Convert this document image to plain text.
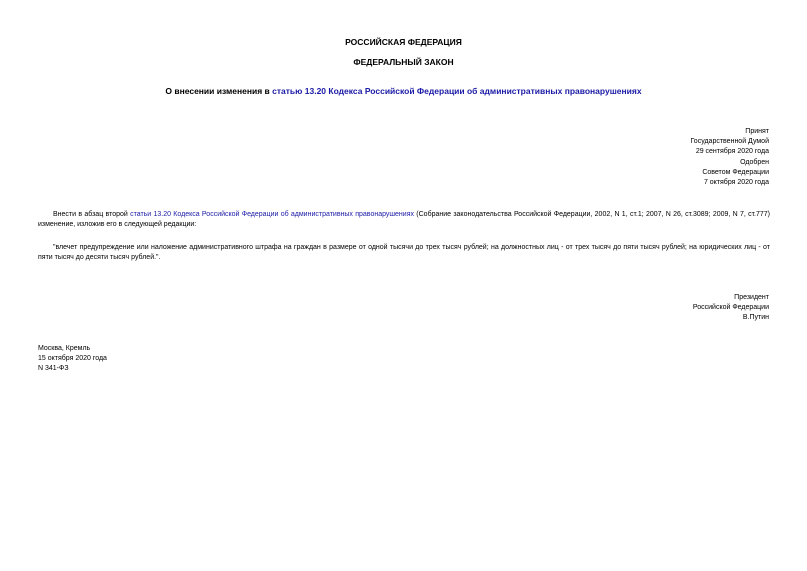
РОССИЙСКАЯ ФЕДЕРАЦИЯ
ФЕДЕРАЛЬНЫЙ ЗАКОН
О внесении изменения в статью 13.20 Кодекса Российской Федерации об административных правонарушениях
Принят
Государственной Думой
29 сентября 2020 года
Одобрен
Советом Федерации
7 октября 2020 года
Внести в абзац второй статьи 13.20 Кодекса Российской Федерации об административных правонарушениях (Собрание законодательства Российской Федерации, 2002, N 1, ст.1; 2007, N 26, ст.3089; 2009, N 7, ст.777) изменение, изложив его в следующей редакции:
"влечет предупреждение или наложение административного штрафа на граждан в размере от одной тысячи до трех тысяч рублей; на должностных лиц - от трех тысяч до пяти тысяч рублей; на юридических лиц - от пяти тысяч до десяти тысяч рублей.".
Президент
Российской Федерации
В.Путин
Москва, Кремль
15 октября 2020 года
N 341-ФЗ
